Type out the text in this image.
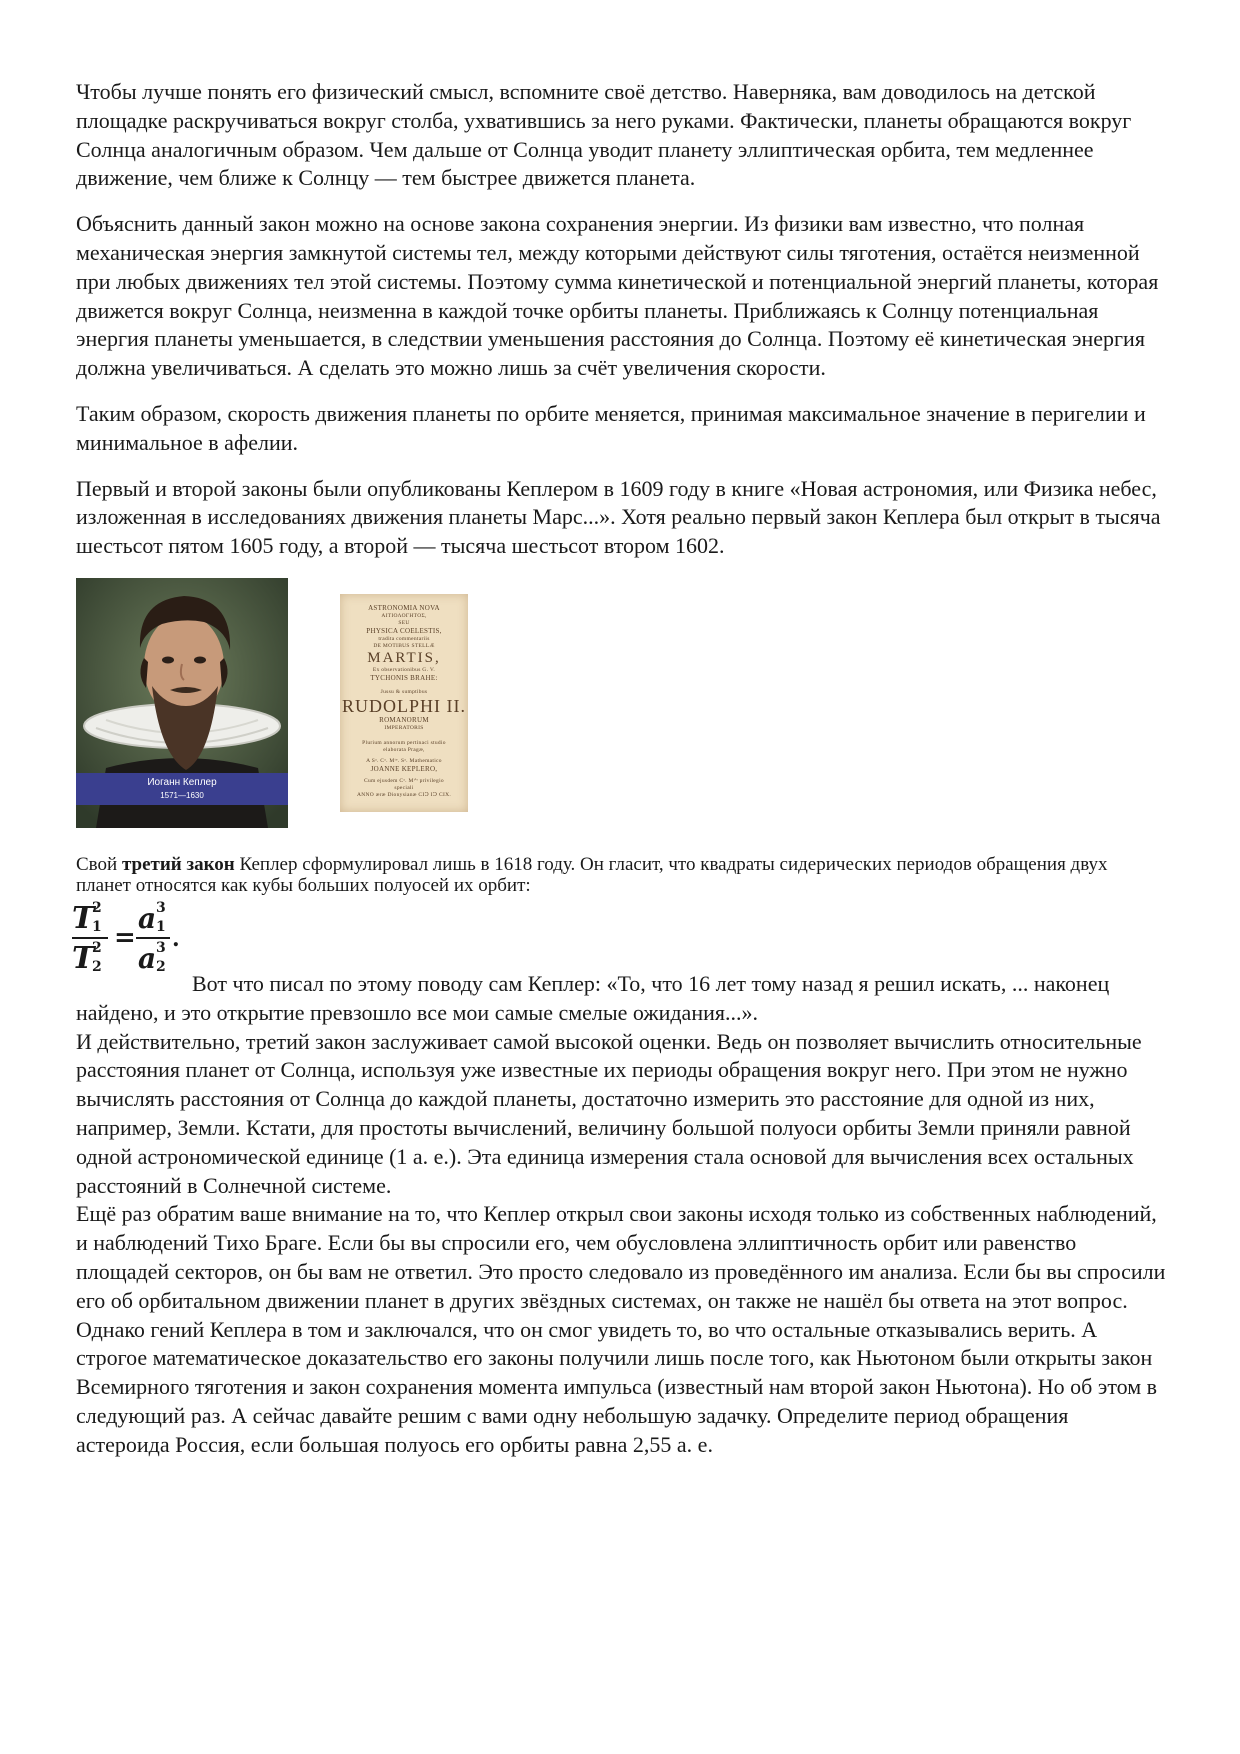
Чтобы лучше понять его физический смысл, вспомните своё детство. Наверняка, вам доводилось на детской площадке раскручиваться вокруг столба, ухватившись за него руками. Фактически, планеты обращаются вокруг Солнца аналогичным образом. Чем дальше от Солнца уводит планету эллиптическая орбита, тем медленнее движение, чем ближе к Солнцу — тем быстрее движется планета.

Объяснить данный закон можно на основе закона сохранения энергии. Из физики вам известно, что полная механическая энергия замкнутой системы тел, между которыми действуют силы тяготения, остаётся неизменной при любых движениях тел этой системы. Поэтому сумма кинетической и потенциальной энергий планеты, которая движется вокруг Солнца, неизменна в каждой точке орбиты планеты. Приближаясь к Солнцу потенциальная энергия планеты уменьшается, в следствии уменьшения расстояния до Солнца. Поэтому её кинетическая энергия должна увеличиваться. А сделать это можно лишь за счёт увеличения скорости.

Таким образом, скорость движения планеты по орбите меняется, принимая максимальное значение в перигелии и минимальное в афелии.

Первый и второй законы были опубликованы Кеплером в 1609 году в книге «Новая астрономия, или Физика небес, изложенная в исследованиях движения планеты Марс...». Хотя реально первый закон Кеплера был открыт в тысяча шестьсот пятом 1605 году, а второй — тысяча шестьсот втором 1602.

Иоганн Кеплер
1571—1630
ASTRONOMIA NOVA
ΑΙΤΙΟΛΟΓΗΤΟΣ,
SEU
PHYSICA COELESTIS,
tradita commentariis
DE MOTIBUS STELLÆ
MARTIS,
Ex observationibus G. V.
TYCHONIS BRAHE:
Jussu & sumptibus
RUDOLPHI II.
ROMANORUM
IMPERATORIS
Plurium annorum pertinaci studio
elaborata Pragæ,
A Sᵃ. Cᵃ. Mᵗᵉ. Sᵃ. Mathematico
JOANNE KEPLERO,
Cum ejusdem Cᵃ. Mᵗⁱˢ privilegio
speciali
ANNO æræ Dionysianæ CIↃ IↃ CIX.

Свой третий закон Кеплер сформулировал лишь в 1618 году. Он гласит, что квадраты сидерических периодов обращения двух планет относятся как кубы больших полуосей их орбит:

T
2
1
T
2
2
=
a 3
1
a 3
2
.
Вот что писал по этому поводу сам Кеплер: «То, что 16 лет тому назад я решил искать, ... наконец найдено, и это открытие превзошло все мои самые смелые ожидания...».

И действительно, третий закон заслуживает самой высокой оценки. Ведь он позволяет вычислить относительные расстояния планет от Солнца, используя уже известные их периоды обращения вокруг него. При этом не нужно вычислять расстояния от Солнца до каждой планеты, достаточно измерить это расстояние для одной из них, например, Земли. Кстати, для простоты вычислений, величину большой полуоси орбиты Земли приняли равной одной астрономической единице (1 а. е.). Эта единица измерения стала основой для вычисления всех остальных расстояний в Солнечной системе.

Ещё раз обратим ваше внимание на то, что Кеплер открыл свои законы исходя только из собственных наблюдений, и наблюдений Тихо Браге. Если бы вы спросили его, чем обусловлена эллиптичность орбит или равенство площадей секторов, он бы вам не ответил. Это просто следовало из проведённого им анализа. Если бы вы спросили его об орбитальном движении планет в других звёздных системах, он также не нашёл бы ответа на этот вопрос.

Однако гений Кеплера в том и заключался, что он смог увидеть то, во что остальные отказывались верить. А строгое математическое доказательство его законы получили лишь после того, как Ньютоном были открыты закон Всемирного тяготения и закон сохранения момента импульса (известный нам второй закон Ньютона). Но об этом в следующий раз. А сейчас давайте решим с вами одну небольшую задачку. Определите период обращения астероида Россия, если большая полуось его орбиты равна 2,55 а. е.
